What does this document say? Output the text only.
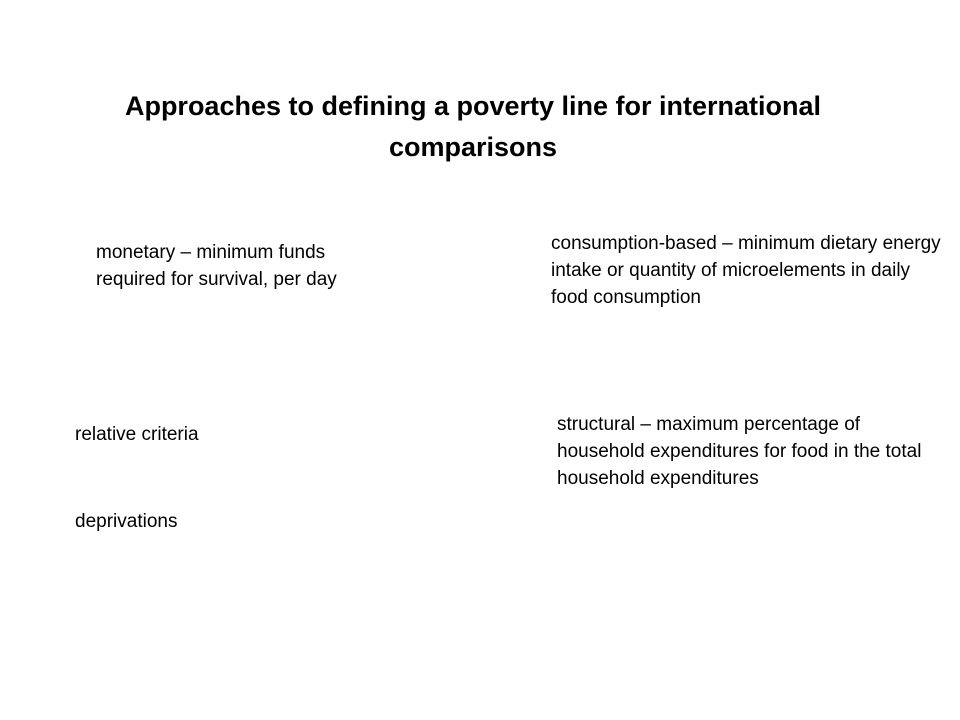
Approaches to defining a poverty line for international comparisons

monetary – minimum funds required for survival, per day

consumption-based – minimum dietary energy intake or quantity of microelements in daily food consumption

relative criteria	structural – maximum percentage of household expenditures for food in the total household expenditures

deprivations
